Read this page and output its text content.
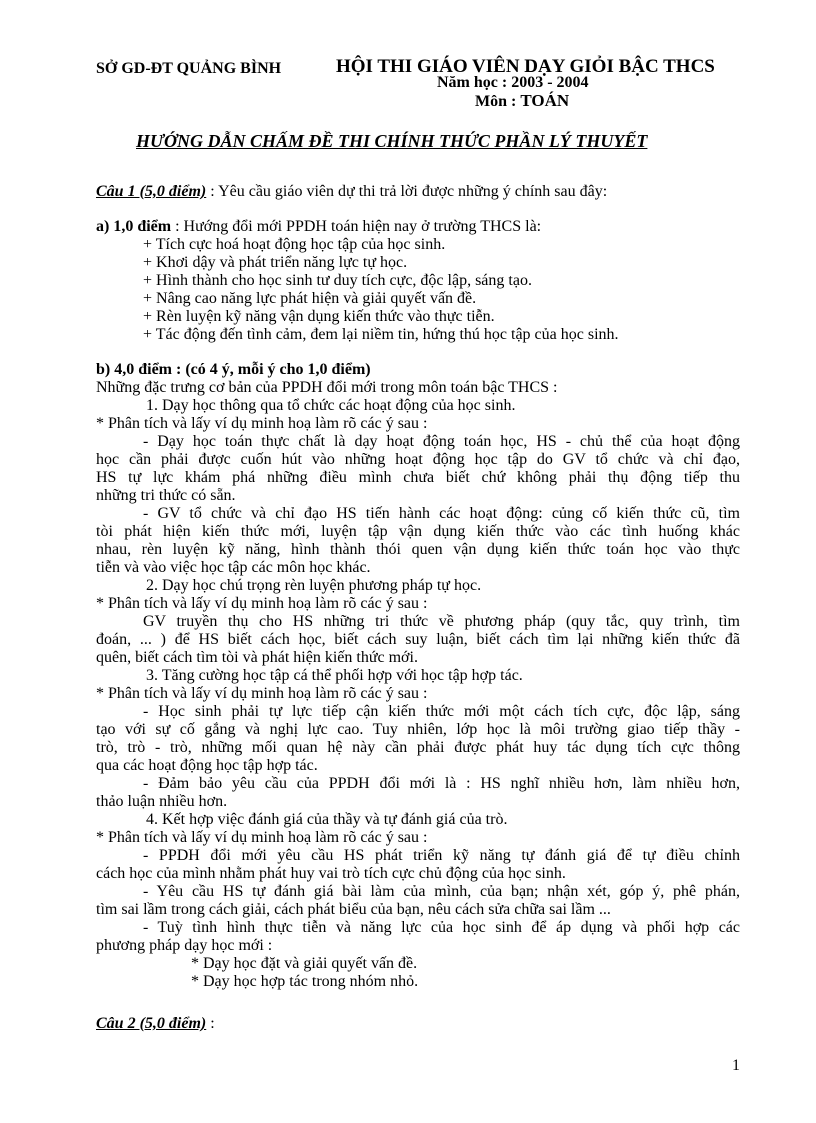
SỞ GD-ĐT QUẢNG BÌNH	HỘI THI GIÁO VIÊN DẠY GIỎI BẬC THCS
Năm học : 2003 - 2004
Môn : TOÁN
HƯỚNG DẪN CHẤM ĐỀ THI CHÍNH THỨC PHẦN LÝ THUYẾT
Câu 1 (5,0 điểm) : Yêu cầu giáo viên dự thi trả lời được những ý chính sau đây:
a) 1,0 điểm : Hướng đổi mới PPDH toán hiện nay ở trường THCS là:
+ Tích cực hoá hoạt động học tập của học sinh.
+ Khơi dậy và phát triển năng lực tự học.
+ Hình thành cho học sinh tư duy tích cực, độc lập, sáng tạo.
+ Nâng cao năng lực phát hiện và giải quyết vấn đề.
+ Rèn luyện kỹ năng vận dụng kiến thức vào thực tiễn.
+ Tác động đến tình cảm, đem lại niềm tin, hứng thú học tập của học sinh.
b) 4,0 điểm : (có 4 ý, mỗi ý cho 1,0 điểm)
Những đặc trưng cơ bản của PPDH đổi mới trong môn toán bậc THCS :
1. Dạy học thông qua tổ chức các hoạt động của học sinh.
* Phân tích và lấy ví dụ minh hoạ làm rõ các ý sau :
- Dạy học toán thực chất là dạy hoạt động toán học, HS - chủ thể của hoạt động
học cần phải được cuốn hút vào những hoạt động học tập do GV tổ chức và chỉ đạo,
HS tự lực khám phá những điều mình chưa biết chứ không phải thụ động tiếp thu
những tri thức có sẵn.
- GV tổ chức và chỉ đạo HS tiến hành các hoạt động: củng cố kiến thức cũ, tìm
tòi phát hiện kiến thức mới, luyện tập vận dụng kiến thức vào các tình huống khác
nhau, rèn luyện kỹ năng, hình thành thói quen vận dụng kiến thức toán học vào thực
tiễn và vào việc học tập các môn học khác.
2. Dạy học chú trọng rèn luyện phương pháp tự học.
* Phân tích và lấy ví dụ minh hoạ làm rõ các ý sau :
GV truyền thụ cho HS những tri thức về phương pháp (quy tắc, quy trình, tìm
đoán, ... ) để HS biết cách học, biết cách suy luận, biết cách tìm lại những kiến thức đã
quên, biết cách tìm tòi và phát hiện kiến thức mới.
3. Tăng cường học tập cá thể phối hợp với học tập hợp tác.
* Phân tích và lấy ví dụ minh hoạ làm rõ các ý sau :
- Học sinh phải tự lực tiếp cận kiến thức mới một cách tích cực, độc lập, sáng
tạo với sự cố gắng và nghị lực cao. Tuy nhiên, lớp học là môi trường giao tiếp thầy -
trò, trò - trò, những mối quan hệ này cần phải được phát huy tác dụng tích cực thông
qua các hoạt động học tập hợp tác.
- Đảm bảo yêu cầu của PPDH đổi mới là : HS nghĩ nhiều hơn, làm nhiều hơn,
thảo luận nhiều hơn.
4. Kết hợp việc đánh giá của thầy và tự đánh giá của trò.
* Phân tích và lấy ví dụ minh hoạ làm rõ các ý sau :
- PPDH đổi mới yêu cầu HS phát triển kỹ năng tự đánh giá để tự điều chỉnh
cách học của mình nhằm phát huy vai trò tích cực chủ động của học sinh.
- Yêu cầu HS tự đánh giá bài làm của mình, của bạn; nhận xét, góp ý, phê phán,
tìm sai lầm trong cách giải, cách phát biểu của bạn, nêu cách sửa chữa sai lầm ...
- Tuỳ tình hình thực tiễn và năng lực của học sinh để áp dụng và phối hợp các
phương pháp dạy học mới :
* Dạy học đặt và giải quyết vấn đề.
* Dạy học hợp tác trong nhóm nhỏ.
Câu 2 (5,0 điểm) :
1
